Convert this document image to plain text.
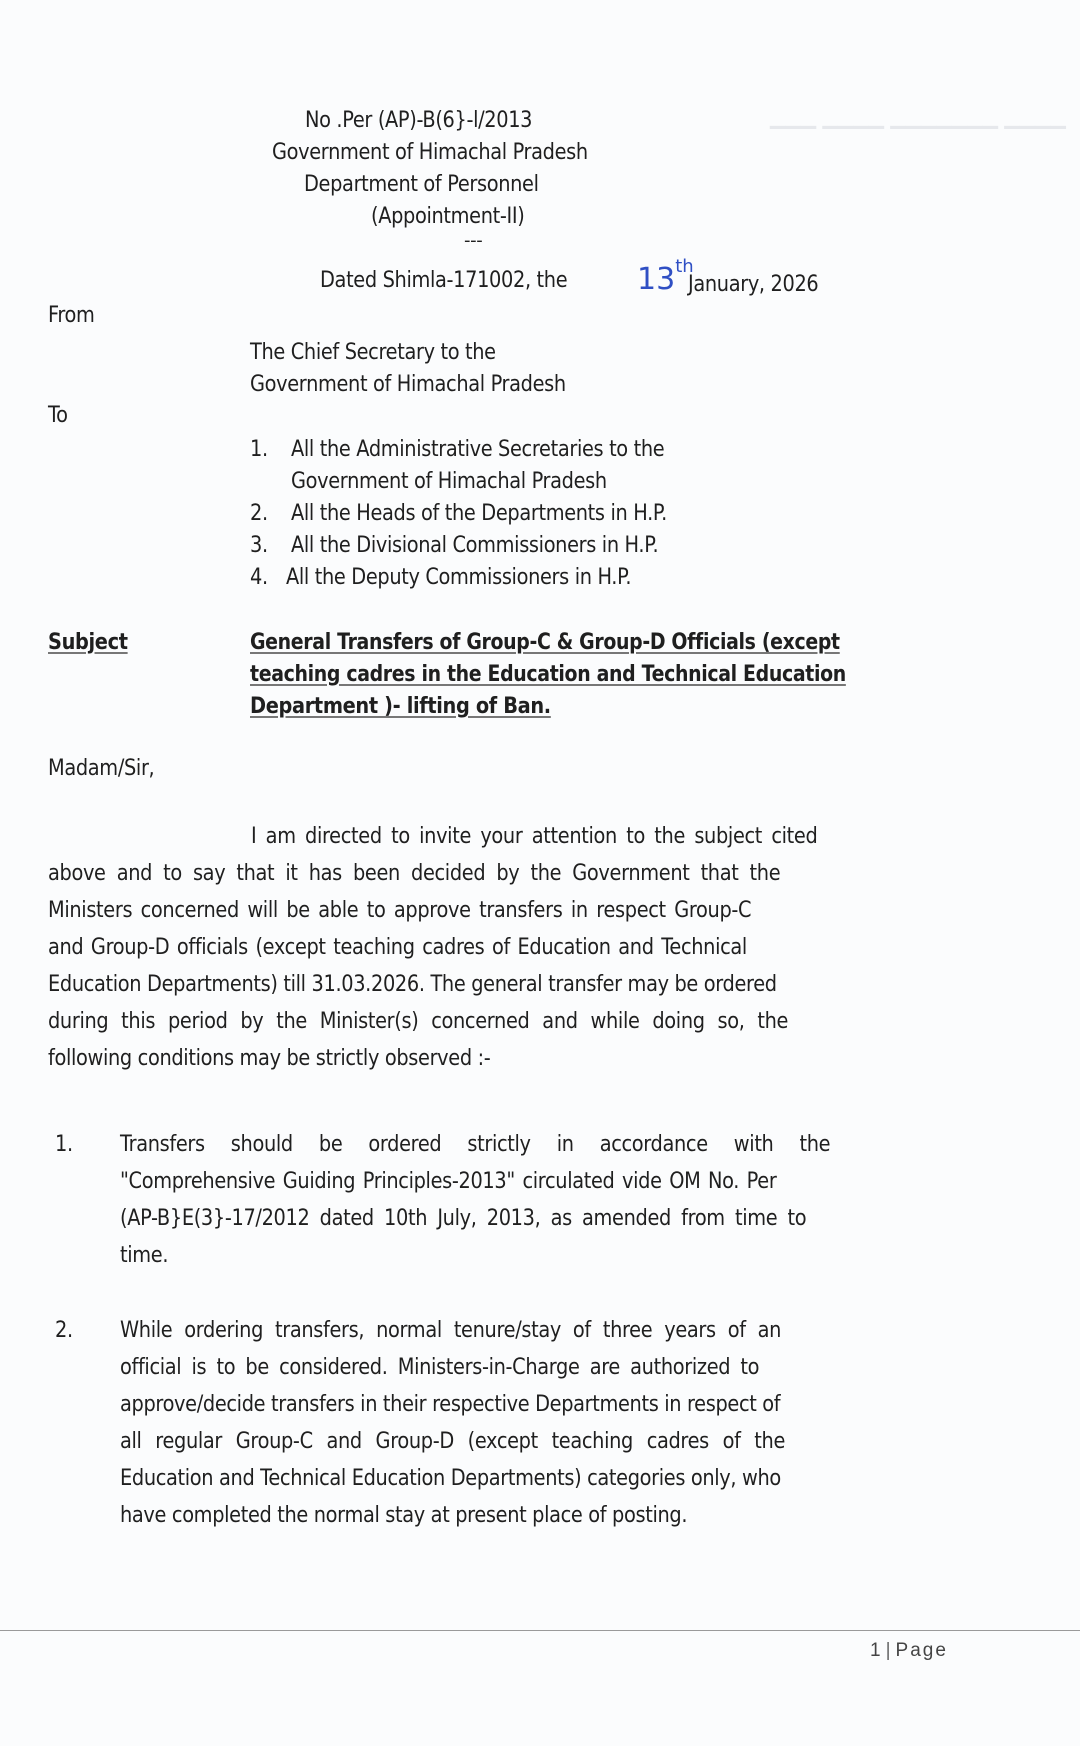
▁▁▁ ▁▁▁▁ ▁▁▁▁▁▁▁ ▁▁▁▁
No .Per (AP)-B(6}-l/2013
Government of Himachal Pradesh
Department of Personnel
(Appointment-II)
---
Dated Shimla-171002, the	13th
January, 2026
From
The Chief Secretary to the
Government of Himachal Pradesh
To
1. All the Administrative Secretaries to the
Government of Himachal Pradesh
2. All the Heads of the Departments in H.P.
3. All the Divisional Commissioners in H.P.
4. All the Deputy Commissioners in H.P.
Subject	General Transfers of Group-C & Group-D Officials (except
teaching cadres in the Education and Technical Education
Department )- lifting of Ban.
Madam/Sir,
I am directed to invite your attention to the subject cited
above and to say that it has been decided by the Government that the
Ministers concerned will be able to approve transfers in respect Group-C
and Group-D officials (except teaching cadres of Education and Technical
Education Departments) till 31.03.2026. The general transfer may be ordered
during this period by the Minister(s) concerned and while doing so, the
following conditions may be strictly observed :-
1. Transfers should be ordered strictly in accordance with the
"Comprehensive Guiding Principles-2013" circulated vide OM No. Per
(AP-B}E(3}-17/2012 dated 10th July, 2013, as amended from time to
time.
2. While ordering transfers, normal tenure/stay of three years of an
official is to be considered. Ministers-in-Charge are authorized to
approve/decide transfers in their respective Departments in respect of
all regular Group-C and Group-D (except teaching cadres of the
Education and Technical Education Departments) categories only, who
have completed the normal stay at present place of posting.
1 | Page
